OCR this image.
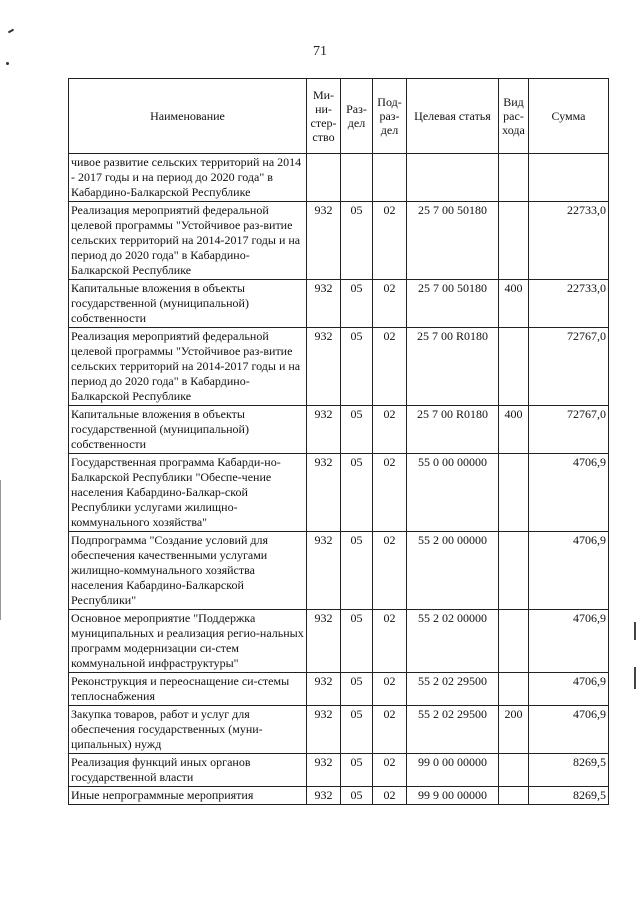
71
Наименование	Ми-ни-стер-ство	Раз-дел	Под-раз-дел	Целевая статья	Вид рас-хода	Сумма
чивое развитие сельских территорий на 2014 - 2017 годы и на период до 2020 года" в Кабардино-Балкарской Республике						
Реализация мероприятий федеральной целевой программы "Устойчивое раз-витие сельских территорий на 2014-2017 годы и на период до 2020 года" в Кабардино-Балкарской Республике	932	05	02	25 7 00 50180		22733,0
Капитальные вложения в объекты государственной (муниципальной) собственности	932	05	02	25 7 00 50180	400	22733,0
Реализация мероприятий федеральной целевой программы "Устойчивое раз-витие сельских территорий на 2014-2017 годы и на период до 2020 года" в Кабардино-Балкарской Республике	932	05	02	25 7 00 R0180		72767,0
Капитальные вложения в объекты государственной (муниципальной) собственности	932	05	02	25 7 00 R0180	400	72767,0
Государственная программа Кабарди-но-Балкарской Республики "Обеспе-чение населения Кабардино-Балкар-ской Республики услугами жилищно-коммунального хозяйства"	932	05	02	55 0 00 00000		4706,9
Подпрограмма "Создание условий для обеспечения качественными услугами жилищно-коммунального хозяйства населения Кабардино-Балкарской Республики"	932	05	02	55 2 00 00000		4706,9
Основное мероприятие "Поддержка муниципальных и реализация регио-нальных программ модернизации си-стем коммунальной инфраструктуры"	932	05	02	55 2 02 00000		4706,9
Реконструкция и переоснащение си-стемы теплоснабжения	932	05	02	55 2 02 29500		4706,9
Закупка товаров, работ и услуг для обеспечения государственных (муни-ципальных) нужд	932	05	02	55 2 02 29500	200	4706,9
Реализация функций иных органов государственной власти	932	05	02	99 0 00 00000		8269,5
Иные непрограммные мероприятия	932	05	02	99 9 00 00000		8269,5
